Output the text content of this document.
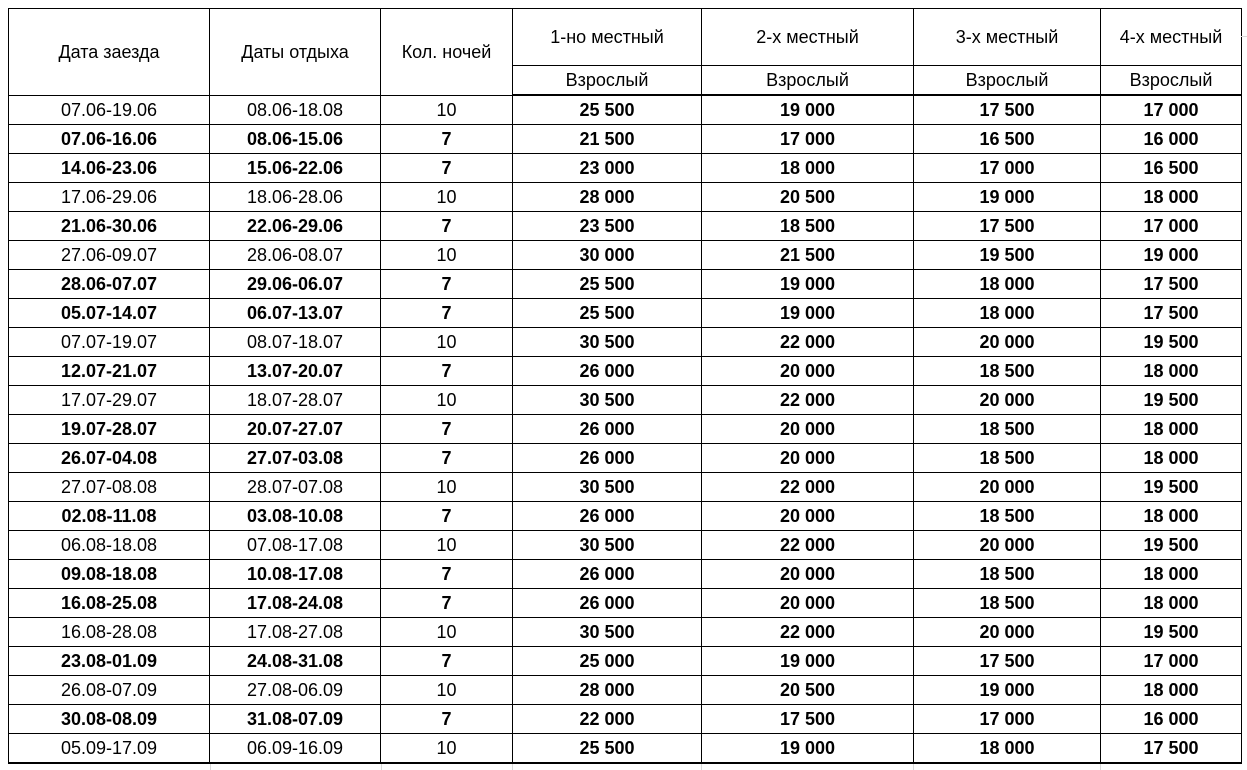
Дата заезда	Даты отдыха	Кол. ночей	1-но местный	2-х местный	3-х местный	4-х местный
			Взрослый	Взрослый	Взрослый	Взрослый
07.06-19.06	08.06-18.08	10	25 500	19 000	17 500	17 000
07.06-16.06	08.06-15.06	7	21 500	17 000	16 500	16 000
14.06-23.06	15.06-22.06	7	23 000	18 000	17 000	16 500
17.06-29.06	18.06-28.06	10	28 000	20 500	19 000	18 000
21.06-30.06	22.06-29.06	7	23 500	18 500	17 500	17 000
27.06-09.07	28.06-08.07	10	30 000	21 500	19 500	19 000
28.06-07.07	29.06-06.07	7	25 500	19 000	18 000	17 500
05.07-14.07	06.07-13.07	7	25 500	19 000	18 000	17 500
07.07-19.07	08.07-18.07	10	30 500	22 000	20 000	19 500
12.07-21.07	13.07-20.07	7	26 000	20 000	18 500	18 000
17.07-29.07	18.07-28.07	10	30 500	22 000	20 000	19 500
19.07-28.07	20.07-27.07	7	26 000	20 000	18 500	18 000
26.07-04.08	27.07-03.08	7	26 000	20 000	18 500	18 000
27.07-08.08	28.07-07.08	10	30 500	22 000	20 000	19 500
02.08-11.08	03.08-10.08	7	26 000	20 000	18 500	18 000
06.08-18.08	07.08-17.08	10	30 500	22 000	20 000	19 500
09.08-18.08	10.08-17.08	7	26 000	20 000	18 500	18 000
16.08-25.08	17.08-24.08	7	26 000	20 000	18 500	18 000
16.08-28.08	17.08-27.08	10	30 500	22 000	20 000	19 500
23.08-01.09	24.08-31.08	7	25 000	19 000	17 500	17 000
26.08-07.09	27.08-06.09	10	28 000	20 500	19 000	18 000
30.08-08.09	31.08-07.09	7	22 000	17 500	17 000	16 000
05.09-17.09	06.09-16.09	10	25 500	19 000	18 000	17 500
